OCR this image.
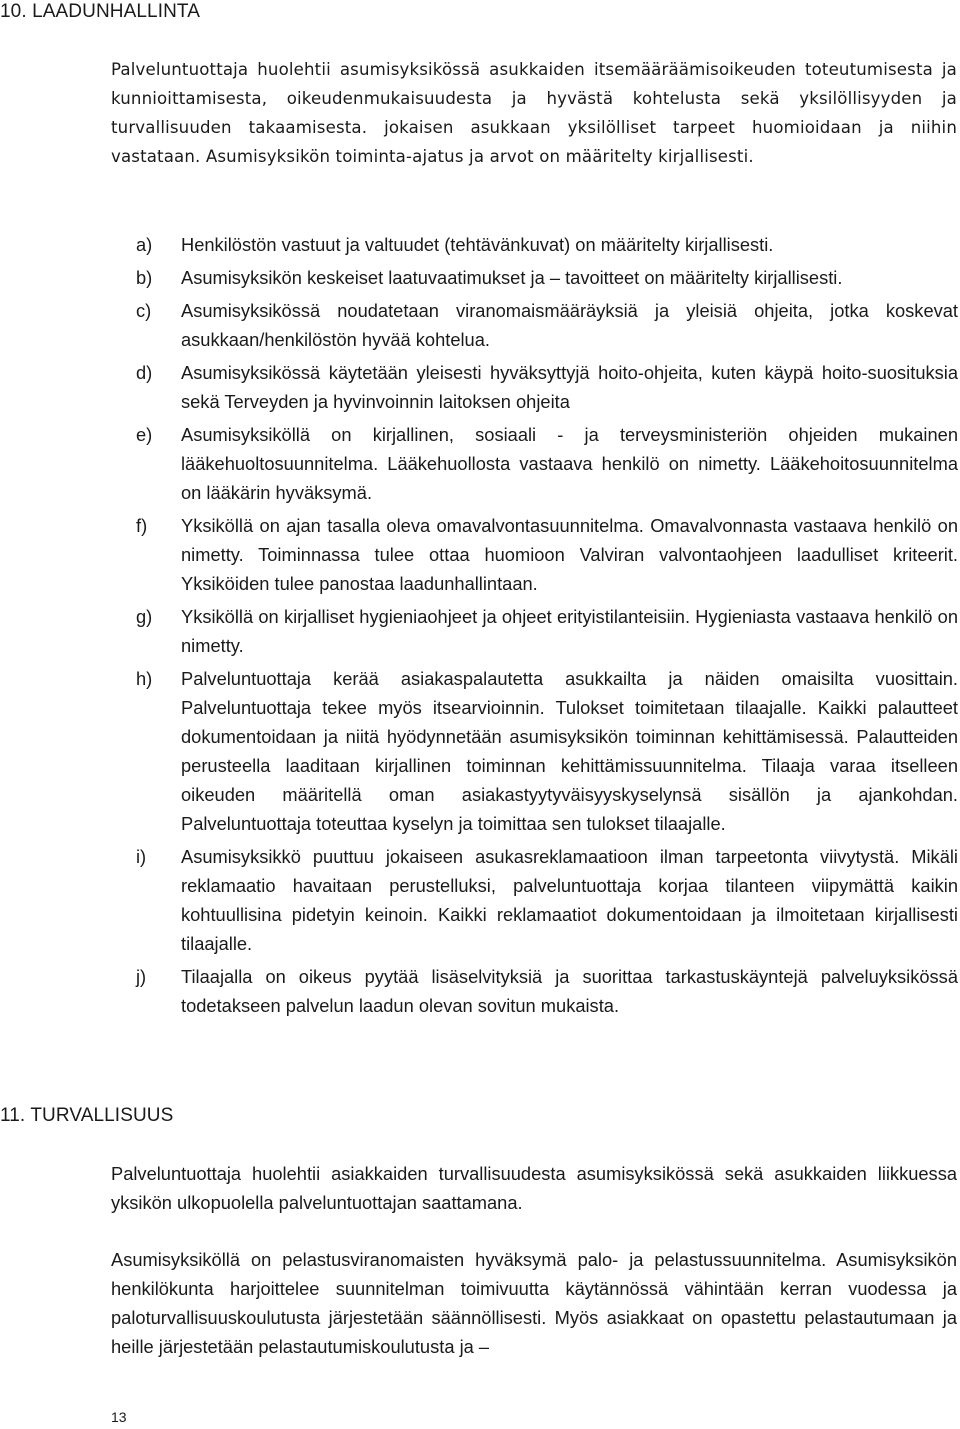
10. LAADUNHALLINTA
Palveluntuottaja huolehtii asumisyksikössä asukkaiden itsemääräämisoikeuden toteutumisesta ja kunnioittamisesta, oikeudenmukaisuudesta ja hyvästä kohtelusta sekä yksilöllisyyden ja turvallisuuden takaamisesta. jokaisen asukkaan yksilölliset tarpeet huomioidaan ja niihin vastataan. Asumisyksikön toiminta-ajatus ja arvot on määritelty kirjallisesti.
a) Henkilöstön vastuut ja valtuudet (tehtävänkuvat) on määritelty kirjallisesti.
b) Asumisyksikön keskeiset laatuvaatimukset ja – tavoitteet on määritelty kirjallisesti.
c) Asumisyksikössä noudatetaan viranomaismääräyksiä ja yleisiä ohjeita, jotka koskevat asukkaan/henkilöstön hyvää kohtelua.
d) Asumisyksikössä käytetään yleisesti hyväksyttyjä hoito-ohjeita, kuten käypä hoito-suosituksia sekä Terveyden ja hyvinvoinnin laitoksen ohjeita
e) Asumisyksiköllä on kirjallinen, sosiaali - ja terveysministeriön ohjeiden mukainen lääkehuoltosuunnitelma. Lääkehuollosta vastaava henkilö on nimetty. Lääkehoitosuunnitelma on lääkärin hyväksymä.
f) Yksiköllä on ajan tasalla oleva omavalvontasuunnitelma. Omavalvonnasta vastaava henkilö on nimetty. Toiminnassa tulee ottaa huomioon Valviran valvontaohjeen laadulliset kriteerit. Yksiköiden tulee panostaa laadunhallintaan.
g) Yksiköllä on kirjalliset hygieniaohjeet ja ohjeet erityistilanteisiin. Hygieniasta vastaava henkilö on nimetty.
h) Palveluntuottaja kerää asiakaspalautetta asukkailta ja näiden omaisilta vuosittain. Palveluntuottaja tekee myös itsearvioinnin. Tulokset toimitetaan tilaajalle. Kaikki palautteet dokumentoidaan ja niitä hyödynnetään asumisyksikön toiminnan kehittämisessä. Palautteiden perusteella laaditaan kirjallinen toiminnan kehittämissuunnitelma. Tilaaja varaa itselleen oikeuden määritellä oman asiakastyytyväisyyskyselynsä sisällön ja ajankohdan. Palveluntuottaja toteuttaa kyselyn ja toimittaa sen tulokset tilaajalle.
i) Asumisyksikkö puuttuu jokaiseen asukasreklamaatioon ilman tarpeetonta viivytystä. Mikäli reklamaatio havaitaan perustelluksi, palveluntuottaja korjaa tilanteen viipymättä kaikin kohtuullisina pidetyin keinoin. Kaikki reklamaatiot dokumentoidaan ja ilmoitetaan kirjallisesti tilaajalle.
j) Tilaajalla on oikeus pyytää lisäselvityksiä ja suorittaa tarkastuskäyntejä palveluyksikössä todetakseen palvelun laadun olevan sovitun mukaista.
11. TURVALLISUUS
Palveluntuottaja huolehtii asiakkaiden turvallisuudesta asumisyksikössä sekä asukkaiden liikkuessa yksikön ulkopuolella palveluntuottajan saattamana.
Asumisyksiköllä on pelastusviranomaisten hyväksymä palo- ja pelastussuunnitelma. Asumisyksikön henkilökunta harjoittelee suunnitelman toimivuutta käytännössä vähintään kerran vuodessa ja paloturvallisuuskoulutusta järjestetään säännöllisesti. Myös asiakkaat on opastettu pelastautumaan ja heille järjestetään pelastautumiskoulutusta ja –
13
